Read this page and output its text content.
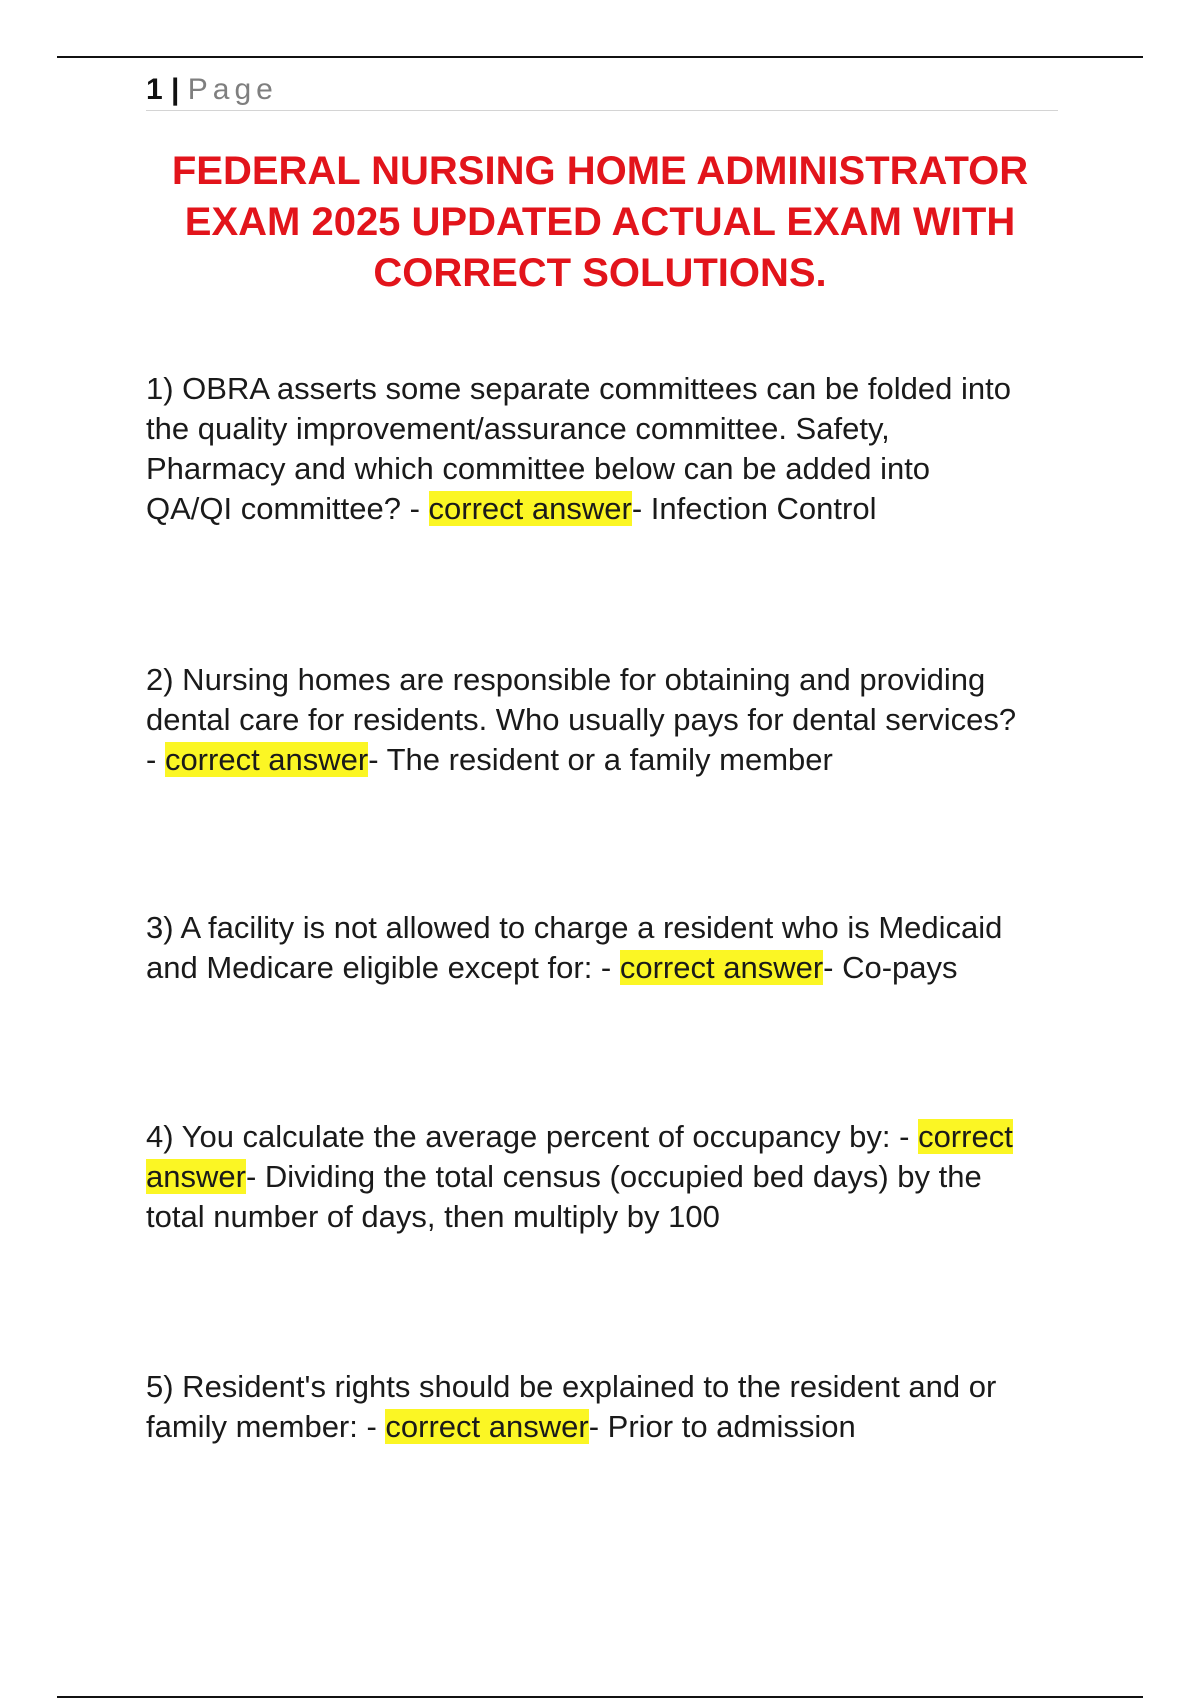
1 | Page
FEDERAL NURSING HOME ADMINISTRATOR
EXAM 2025 UPDATED ACTUAL EXAM WITH
CORRECT SOLUTIONS.

1) OBRA asserts some separate committees can be folded into
the quality improvement/assurance committee. Safety,
Pharmacy and which committee below can be added into
QA/QI committee? - correct answer- Infection Control

2) Nursing homes are responsible for obtaining and providing
dental care for residents. Who usually pays for dental services?
- correct answer- The resident or a family member

3) A facility is not allowed to charge a resident who is Medicaid
and Medicare eligible except for: - correct answer- Co-pays

4) You calculate the average percent of occupancy by: - correct
answer- Dividing the total census (occupied bed days) by the
total number of days, then multiply by 100

5) Resident's rights should be explained to the resident and or
family member: - correct answer- Prior to admission
